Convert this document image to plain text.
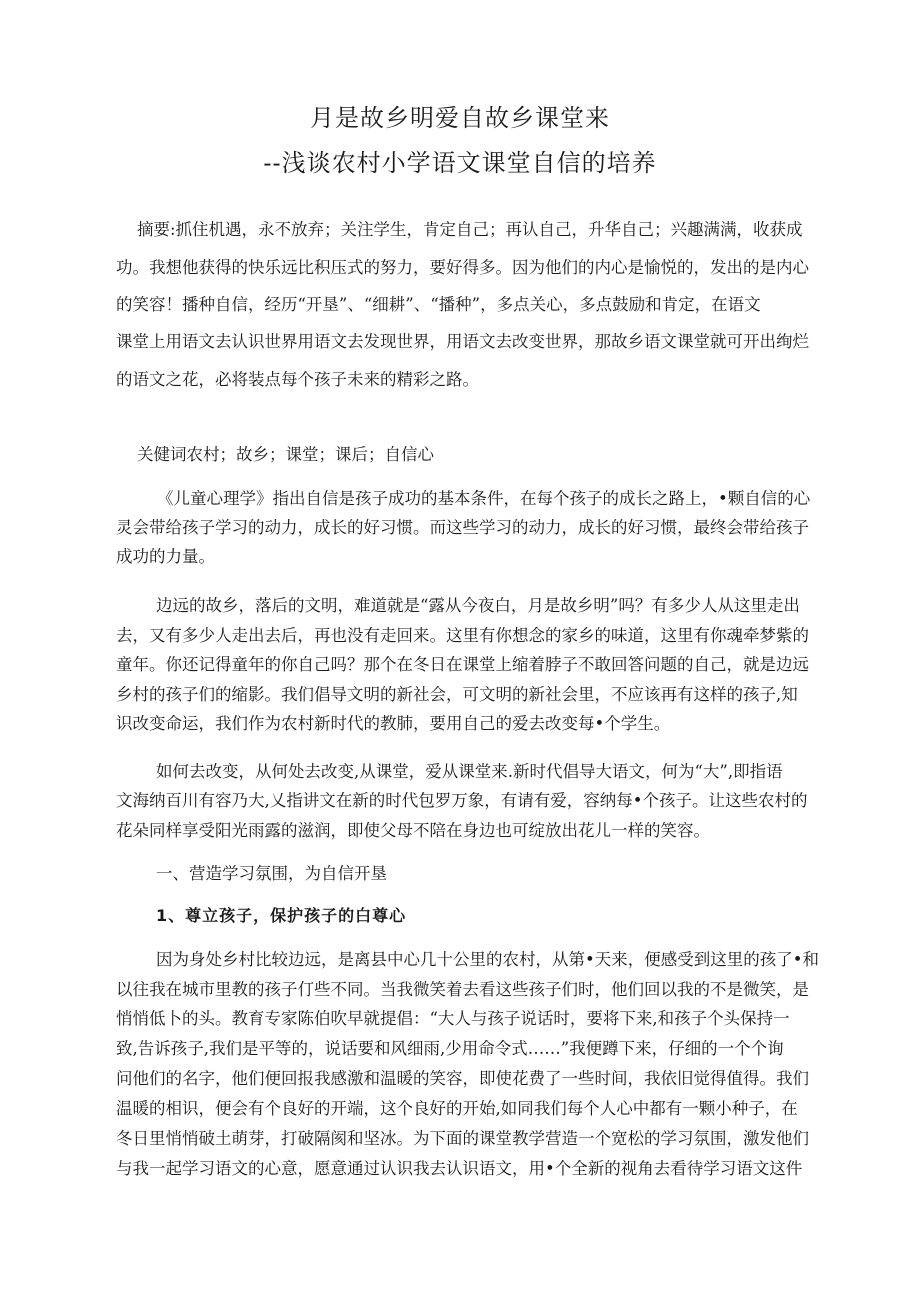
月是故乡明爱自故乡课堂来
--浅谈农村小学语文课堂自信的培养
摘要:抓住机遇，永不放弃；关注学生，肯定自己；再认自己，升华自己；兴趣满满，收获成
功。我想他获得的快乐远比积压式的努力，要好得多。因为他们的内心是愉悦的，发出的是内心
的笑容！播种自信，经历“开垦”、“细耕”、“播种”，多点关心，多点鼓励和肯定，在语文
课堂上用语文去认识世界用语文去发现世界，用语文去改变世界，那故乡语文课堂就可开出绚烂
的语文之花，必将装点每个孩子未来的精彩之路。
关健词农村；故乡；课堂；课后；自信心
《儿童心理学》指出自信是孩子成功的基本条件，在每个孩子的成长之路上，•颗自信的心
灵会带给孩子学习的动力，成长的好习惯。而这些学习的动力，成长的好习惯，最终会带给孩子
成功的力量。
边远的故乡，落后的文明，难道就是“露从今夜白，月是故乡明”吗？有多少人从这里走出
去，又有多少人走出去后，再也没有走回来。这里有你想念的家乡的味道，这里有你魂牵梦紫的
童年。你还记得童年的你自己吗？那个在冬日在课堂上缩着脖子不敢回答问题的自己，就是边远
乡村的孩子们的缩影。我们倡导文明的新社会，可文明的新社会里，不应该再有这样的孩子,知
识改变命运，我们作为农村新时代的教肺，要用自己的爱去改变每•个学生。
如何去改变，从何处去改变,从课堂，爱从课堂来.新时代倡导大语文，何为“大”,即指语
文海纳百川有容乃大,乂指讲文在新的时代包罗万象，有请有爱，容纳每•个孩子。让这些农村的
花朵同样享受阳光雨露的滋润，即使父母不陪在身边也可绽放出花儿一样的笑容。
一、营造学习氛围，为自信开垦
1、尊立孩子，保护孩子的白尊心
因为身处乡村比较边远，是离县中心几十公里的农村，从第•天来，便感受到这里的孩了•和
以往我在城市里教的孩子仃些不同。当我微笑着去看这些孩子们时，他们回以我的不是微笑，是
悄悄低卜的头。教育专家陈伯吹早就提倡：“大人与孩子说话时，要将下来,和孩子个头保持一
致,告诉孩子,我们是平等的，说话要和风细雨,少用命令式……”我便蹲下来，仔细的一个个询
问他们的名字，他们便回报我感激和温暖的笑容，即使花费了一些时间，我依旧觉得值得。我们
温暖的相识，便会有个良好的开端，这个良好的开始,如同我们每个人心中都有一颗小种子，在
冬日里悄悄破土萌芽，打破隔阂和坚冰。为下面的课堂教学营造一个宽松的学习氛围，激发他们
与我一起学习语文的心意，愿意通过认识我去认识语文，用•个全新的视角去看待学习语文这件
